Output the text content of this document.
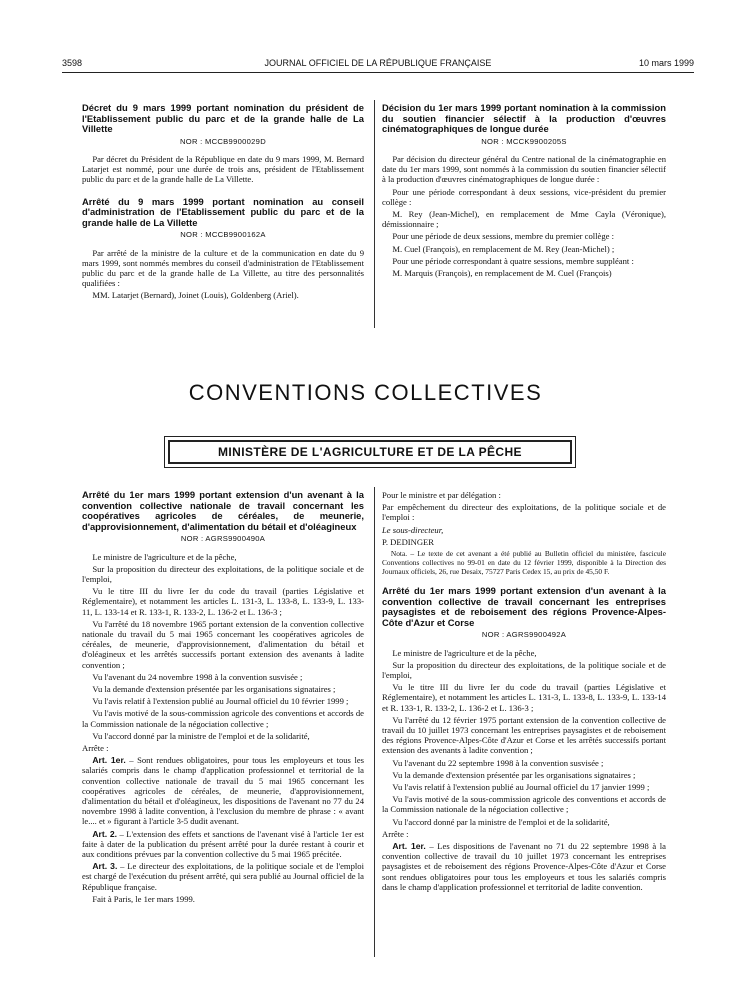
3598	JOURNAL OFFICIEL DE LA RÉPUBLIQUE FRANÇAISE	10 mars 1999
Décret du 9 mars 1999 portant nomination du président de l'Etablissement public du parc et de la grande halle de La Villette
NOR : MCCB9900029D

Par décret du Président de la République en date du 9 mars 1999, M. Bernard Latarjet est nommé, pour une durée de trois ans, président de l'Etablissement public du parc et de la grande halle de La Villette.

Arrêté du 9 mars 1999 portant nomination au conseil d'administration de l'Etablissement public du parc et de la grande halle de La Villette
NOR : MCCB9900162A

Par arrêté de la ministre de la culture et de la communication en date du 9 mars 1999, sont nommés membres du conseil d'administration de l'Etablissement public du parc et de la grande halle de La Villette, au titre des personnalités qualifiées :

MM. Latarjet (Bernard), Joinet (Louis), Goldenberg (Ariel).

Décision du 1er mars 1999 portant nomination à la commission du soutien financier sélectif à la production d'œuvres cinématographiques de longue durée
NOR : MCCK9900205S

Par décision du directeur général du Centre national de la cinématographie en date du 1er mars 1999, sont nommés à la commission du soutien financier sélectif à la production d'œuvres cinématographiques de longue durée :

Pour une période correspondant à deux sessions, vice-président du premier collège :

M. Rey (Jean-Michel), en remplacement de Mme Cayla (Véronique), démissionnaire ;

Pour une période de deux sessions, membre du premier collège :

M. Cuel (François), en remplacement de M. Rey (Jean-Michel) ;

Pour une période correspondant à quatre sessions, membre suppléant :

M. Marquis (François), en remplacement de M. Cuel (François)

CONVENTIONS COLLECTIVES
MINISTÈRE DE L'AGRICULTURE ET DE LA PÊCHE
Arrêté du 1er mars 1999 portant extension d'un avenant à la convention collective nationale de travail concernant les coopératives agricoles de céréales, de meunerie, d'approvisionnement, d'alimentation du bétail et d'oléagineux
NOR : AGRS9900490A

Le ministre de l'agriculture et de la pêche,

Sur la proposition du directeur des exploitations, de la politique sociale et de l'emploi,

Vu le titre III du livre Ier du code du travail (parties Législative et Réglementaire), et notamment les articles L. 131-3, L. 133-8, L. 133-9, L. 133-11, L. 133-14 et R. 133-1, R. 133-2, L. 136-2 et L. 136-3 ;

Vu l'arrêté du 18 novembre 1965 portant extension de la convention collective nationale du travail du 5 mai 1965 concernant les coopératives agricoles de céréales, de meunerie, d'approvisionnement, d'alimentation du bétail et d'oléagineux et les arrêtés successifs portant extension des avenants à ladite convention ;

Vu l'avenant du 24 novembre 1998 à la convention susvisée ;

Vu la demande d'extension présentée par les organisations signataires ;

Vu l'avis relatif à l'extension publié au Journal officiel du 10 février 1999 ;

Vu l'avis motivé de la sous-commission agricole des conventions et accords de la Commission nationale de la négociation collective ;

Vu l'accord donné par la ministre de l'emploi et de la solidarité,

Arrête :

Art. 1er. – Sont rendues obligatoires, pour tous les employeurs et tous les salariés compris dans le champ d'application professionnel et territorial de la convention collective nationale de travail du 5 mai 1965 concernant les coopératives agricoles de céréales, de meunerie, d'approvisionnement, d'alimentation du bétail et d'oléagineux, les dispositions de l'avenant no 77 du 24 novembre 1998 à ladite convention, à l'exclusion du membre de phrase : « avant le.... et » figurant à l'article 3-5 dudit avenant.

Art. 2. – L'extension des effets et sanctions de l'avenant visé à l'article 1er est faite à dater de la publication du présent arrêté pour la durée restant à courir et aux conditions prévues par la convention collective du 5 mai 1965 précitée.

Art. 3. – Le directeur des exploitations, de la politique sociale et de l'emploi est chargé de l'exécution du présent arrêté, qui sera publié au Journal officiel de la République française.

Fait à Paris, le 1er mars 1999.

Pour le ministre et par délégation :

Par empêchement du directeur des exploitations, de la politique sociale et de l'emploi :

Le sous-directeur,

P. DEDINGER

Nota. – Le texte de cet avenant a été publié au Bulletin officiel du ministère, fascicule Conventions collectives no 99-01 en date du 12 février 1999, disponible à la Direction des Journaux officiels, 26, rue Desaix, 75727 Paris Cedex 15, au prix de 45,50 F.

Arrêté du 1er mars 1999 portant extension d'un avenant à la convention collective de travail concernant les entreprises paysagistes et de reboisement des régions Provence-Alpes-Côte d'Azur et Corse
NOR : AGRS9900492A

Le ministre de l'agriculture et de la pêche,

Sur la proposition du directeur des exploitations, de la politique sociale et de l'emploi,

Vu le titre III du livre Ier du code du travail (parties Législative et Réglementaire), et notamment les articles L. 131-3, L. 133-8, L. 133-9, L. 133-14 et R. 133-1, R. 133-2, L. 136-2 et L. 136-3 ;

Vu l'arrêté du 12 février 1975 portant extension de la convention collective de travail du 10 juillet 1973 concernant les entreprises paysagistes et de reboisement des régions Provence-Alpes-Côte d'Azur et Corse et les arrêtés successifs portant extension des avenants à ladite convention ;

Vu l'avenant du 22 septembre 1998 à la convention susvisée ;

Vu la demande d'extension présentée par les organisations signataires ;

Vu l'avis relatif à l'extension publié au Journal officiel du 17 janvier 1999 ;

Vu l'avis motivé de la sous-commission agricole des conventions et accords de la Commission nationale de la négociation collective ;

Vu l'accord donné par la ministre de l'emploi et de la solidarité,

Arrête :

Art. 1er. – Les dispositions de l'avenant no 71 du 22 septembre 1998 à la convention collective de travail du 10 juillet 1973 concernant les entreprises paysagistes et de reboisement des régions Provence-Alpes-Côte d'Azur et Corse sont rendues obligatoires pour tous les employeurs et tous les salariés compris dans le champ d'application professionnel et territorial de ladite convention.
